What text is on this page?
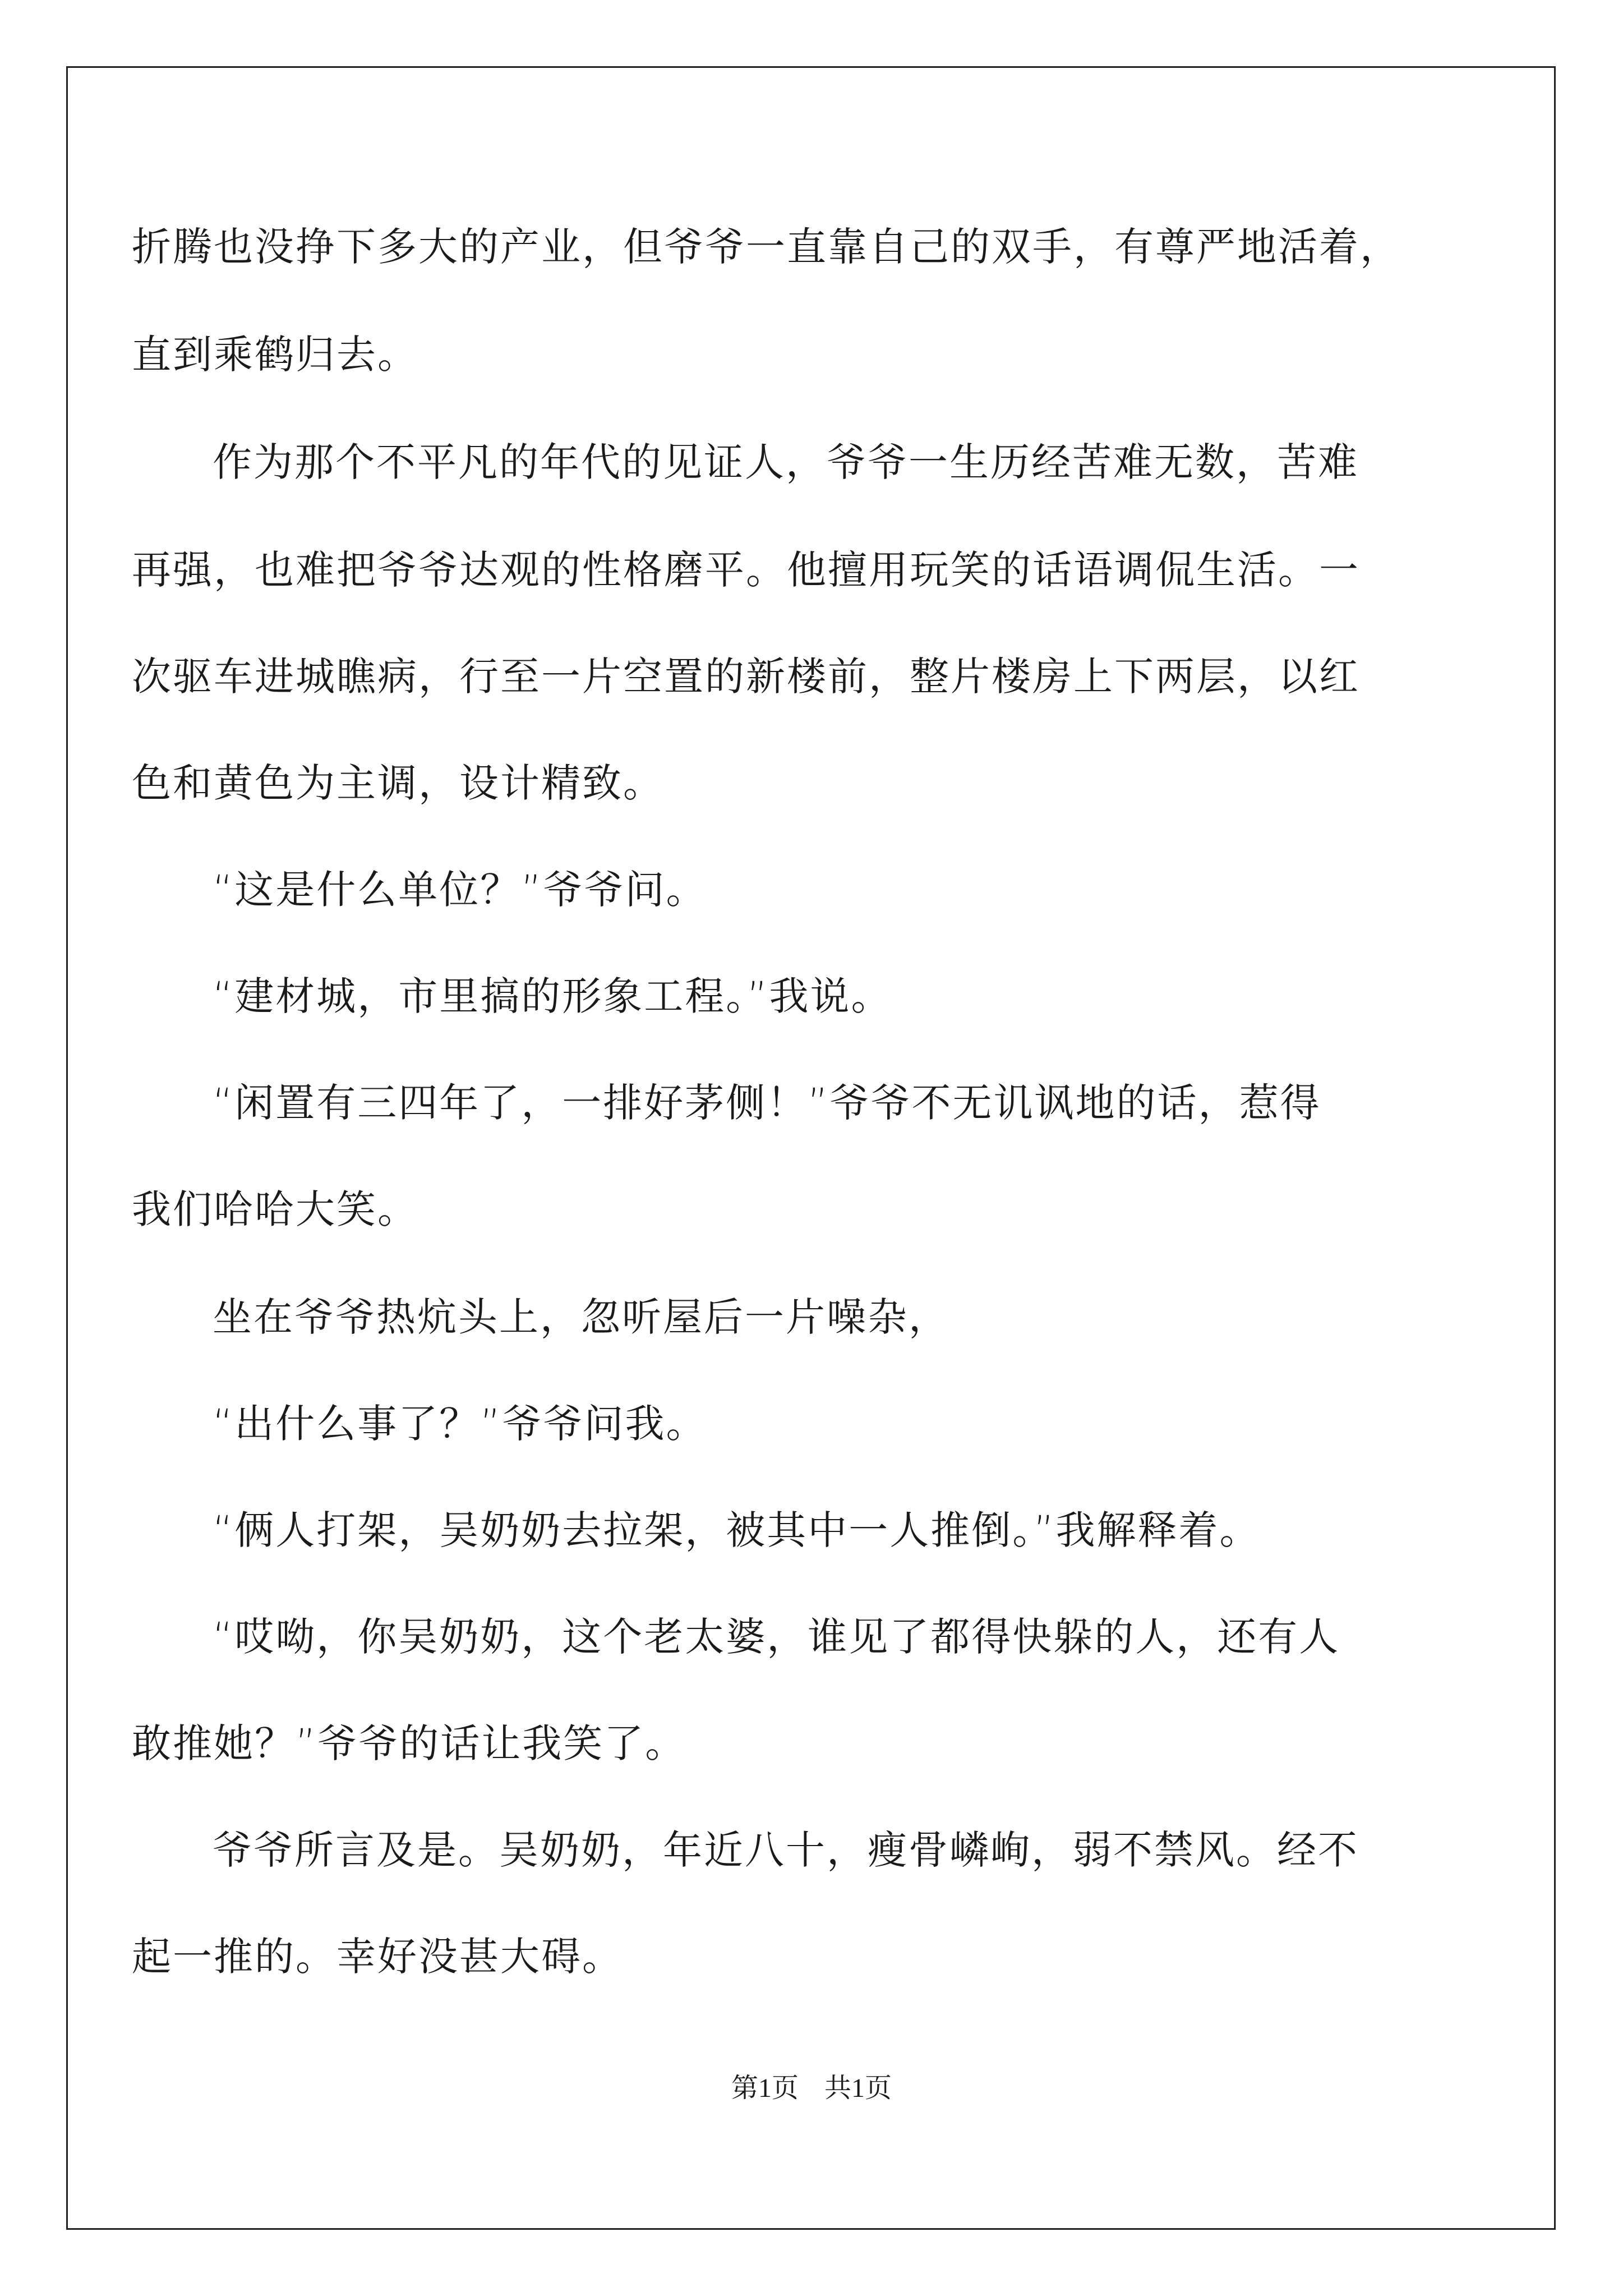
折腾也没挣下多大的产业，但爷爷一直靠自己的双手，有尊严地活着，
直到乘鹤归去。
作为那个不平凡的年代的见证人，爷爷一生历经苦难无数，苦难
再强，也难把爷爷达观的性格磨平。他擅用玩笑的话语调侃生活。一
次驱车进城瞧病，行至一片空置的新楼前，整片楼房上下两层，以红
色和黄色为主调，设计精致。
“这是什么单位？”爷爷问。
“建材城，市里搞的形象工程。”我说。
“闲置有三四年了，一排好茅侧！”爷爷不无讥讽地的话，惹得
我们哈哈大笑。
坐在爷爷热炕头上，忽听屋后一片噪杂，
“出什么事了？”爷爷问我。
“俩人打架，吴奶奶去拉架，被其中一人推倒。”我解释着。
“哎呦，你吴奶奶，这个老太婆，谁见了都得快躲的人，还有人
敢推她？”爷爷的话让我笑了。
爷爷所言及是。吴奶奶，年近八十，瘦骨嶙峋，弱不禁风。经不
起一推的。幸好没甚大碍。
第1页 共1页
